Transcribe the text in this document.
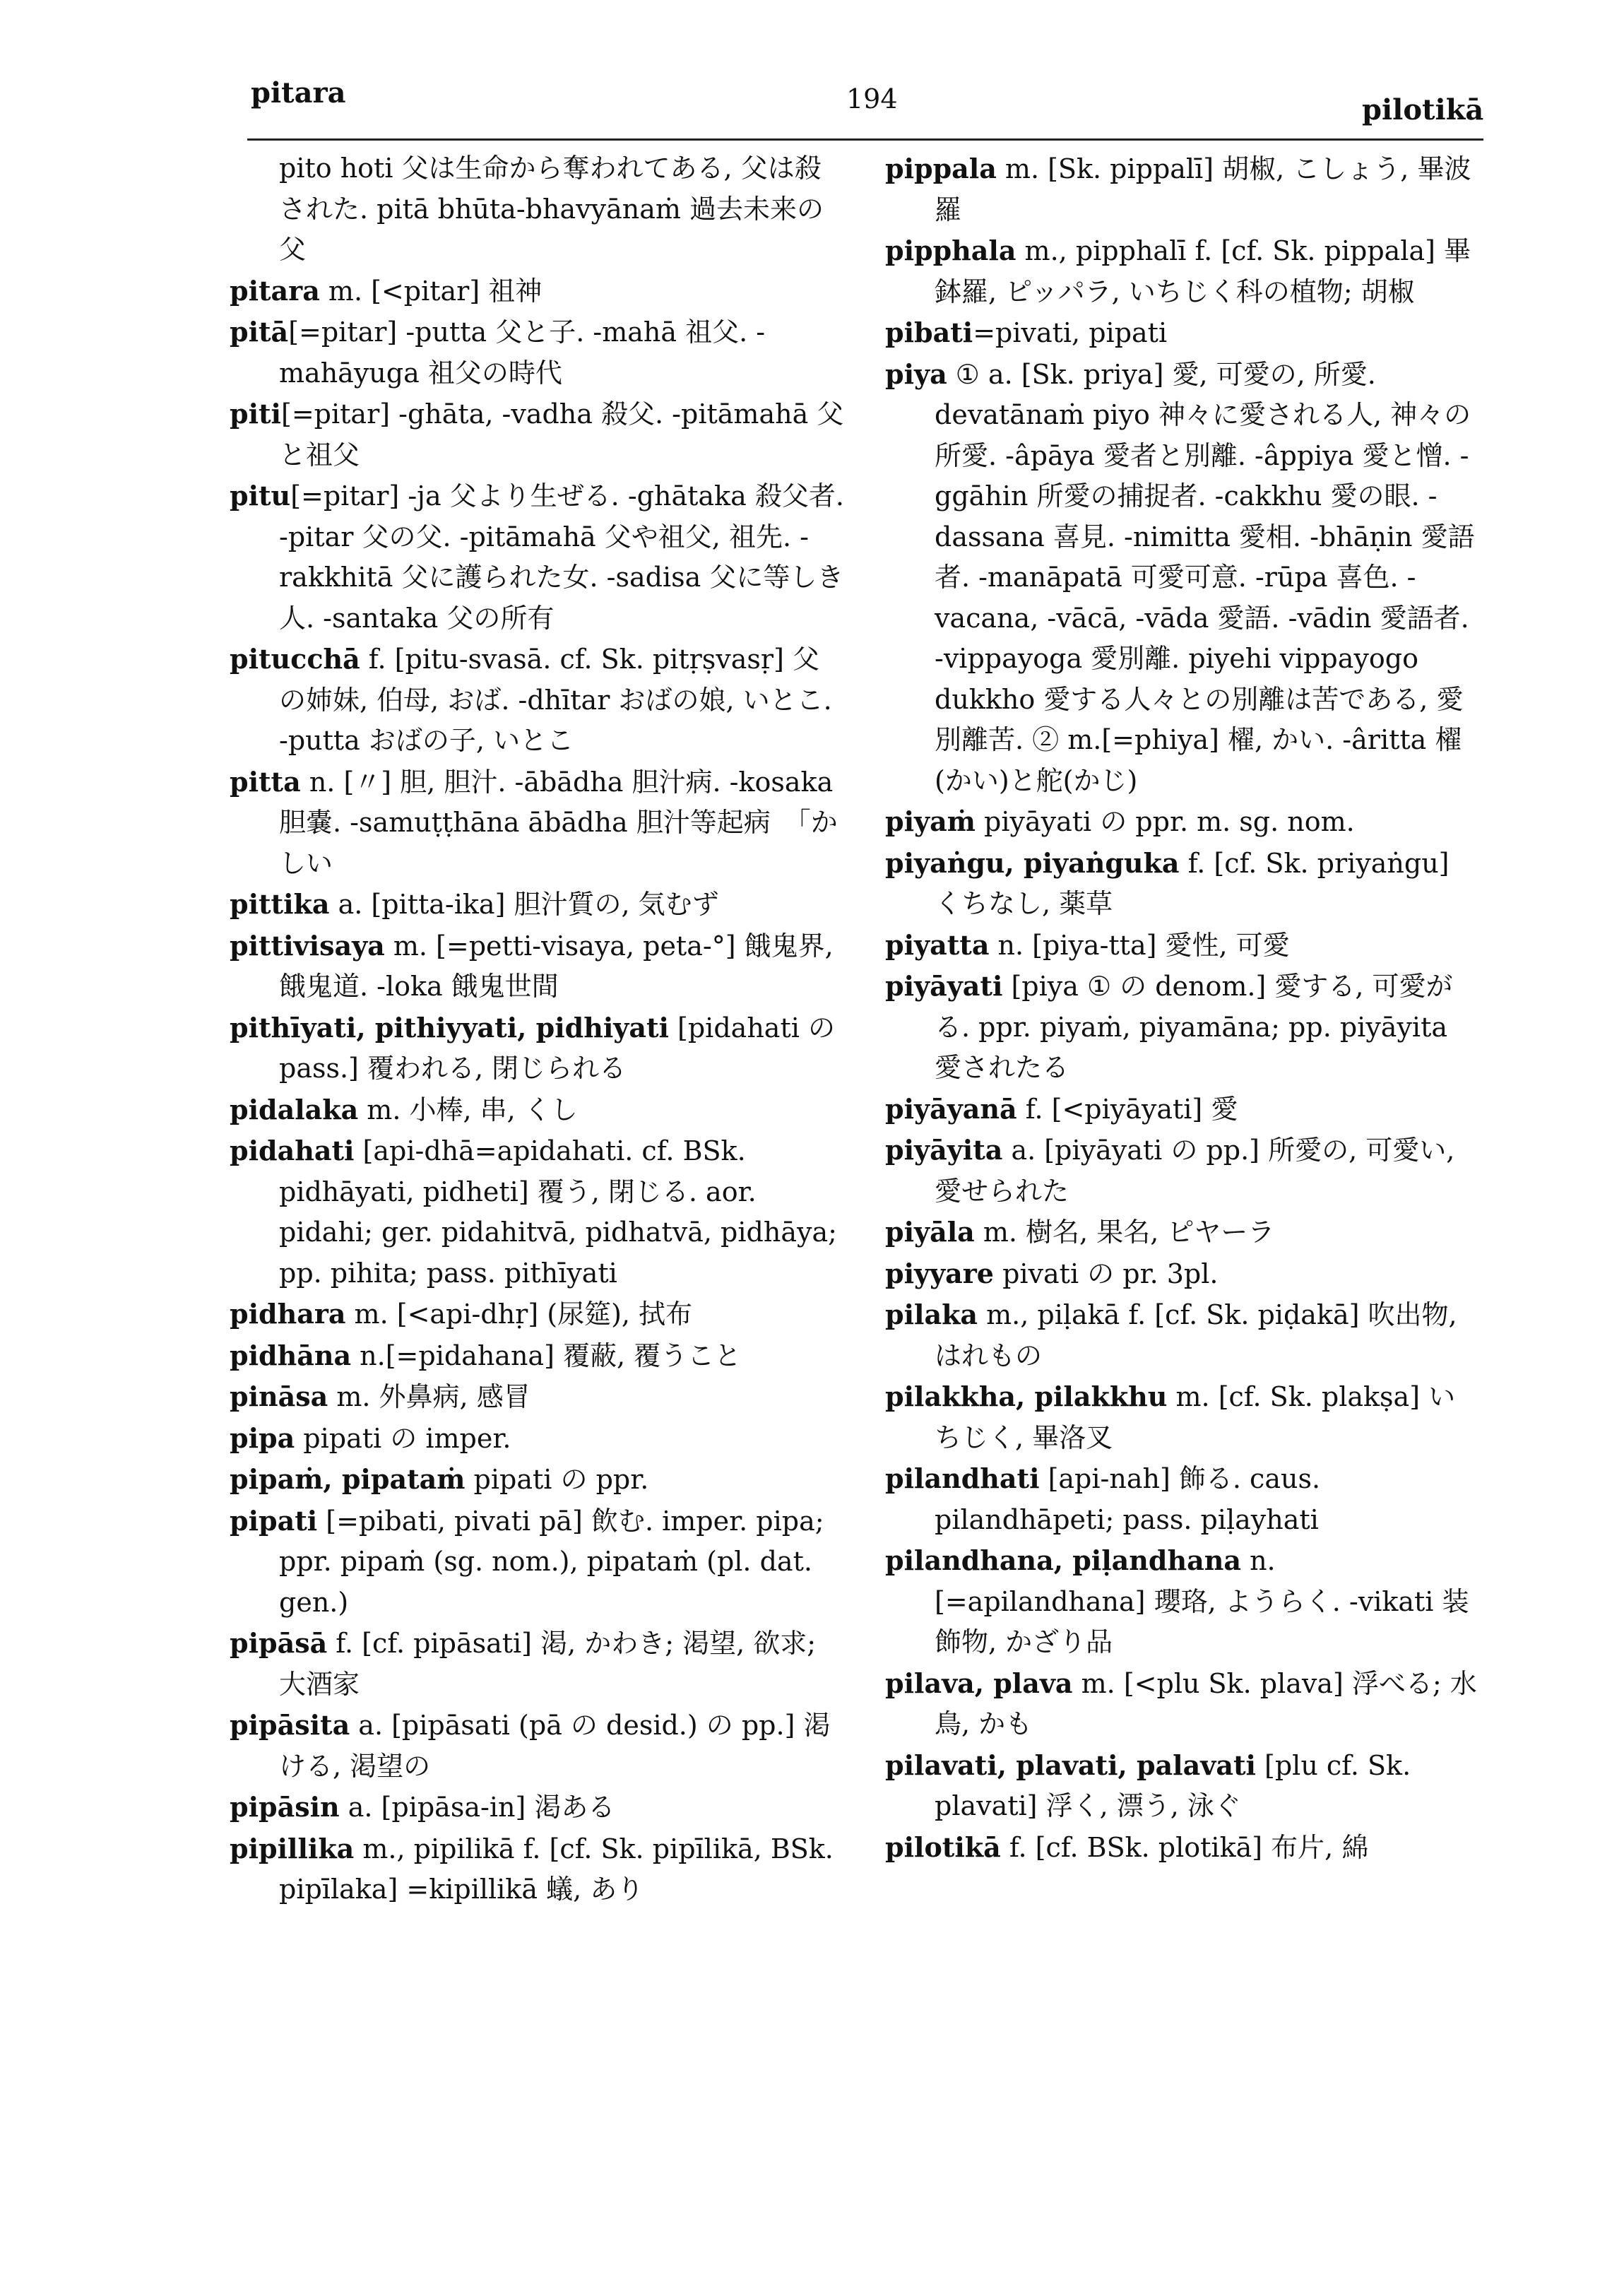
pitara	194	pilotikā

pito hoti 父は生命から奪われてある, 父は殺された. pitā bhūta-bhavyānaṁ 過去未来の父

pitara m. [<pitar] 祖神

pitā[=pitar] -putta 父と子. -mahā 祖父. -mahāyuga 祖父の時代

piti[=pitar] -ghāta, -vadha 殺父. -pitāmahā 父と祖父

pitu[=pitar] -ja 父より生ぜる. -ghātaka 殺父者. -pitar 父の父. -pitāmahā 父や祖父, 祖先. -rakkhitā 父に護られた女. -sadisa 父に等しき人. -santaka 父の所有

pitucchā f. [pitu-svasā. cf. Sk. pitṛṣvasṛ] 父の姉妹, 伯母, おば. -dhītar おばの娘, いとこ. -putta おばの子, いとこ

pitta n. [〃] 胆, 胆汁. -ābādha 胆汁病. -kosaka 胆嚢. -samuṭṭhāna ābādha 胆汁等起病　「かしい

pittika a. [pitta-ika] 胆汁質の, 気むず

pittivisaya m. [=petti-visaya, peta-°] 餓鬼界, 餓鬼道. -loka 餓鬼世間

pithīyati, pithiyyati, pidhiyati [pidahati の pass.] 覆われる, 閉じられる

pidalaka m. 小棒, 串, くし

pidahati [api-dhā=apidahati. cf. BSk. pidhāyati, pidheti] 覆う, 閉じる. aor. pidahi; ger. pidahitvā, pidhatvā, pidhāya; pp. pihita; pass. pithīyati

pidhara m. [<api-dhṛ] (尿筵), 拭布

pidhāna n.[=pidahana] 覆蔽, 覆うこと

pināsa m. 外鼻病, 感冒

pipa pipati の imper.

pipaṁ, pipataṁ pipati の ppr.

pipati [=pibati, pivati pā] 飲む. imper. pipa; ppr. pipaṁ (sg. nom.), pipataṁ (pl. dat. gen.)

pipāsā f. [cf. pipāsati] 渇, かわき; 渇望, 欲求; 大酒家

pipāsita a. [pipāsati (pā の desid.) の pp.] 渇ける, 渇望の

pipāsin a. [pipāsa-in] 渇ある

pipillika m., pipilikā f. [cf. Sk. pipīlikā, BSk. pipīlaka] =kipillikā 蟻, あり

pippala m. [Sk. pippalī] 胡椒, こしょう, 畢波羅

pipphala m., pipphalī f. [cf. Sk. pippala] 畢鉢羅, ピッパラ, いちじく科の植物; 胡椒

pibati=pivati, pipati

piya ① a. [Sk. priya] 愛, 可愛の, 所愛. devatānaṁ piyo 神々に愛される人, 神々の所愛. -âpāya 愛者と別離. -âppiya 愛と憎. -ggāhin 所愛の捕捉者. -cakkhu 愛の眼. -dassana 喜見. -nimitta 愛相. -bhāṇin 愛語者. -manāpatā 可愛可意. -rūpa 喜色. -vacana, -vācā, -vāda 愛語. -vādin 愛語者. -vippayoga 愛別離. piyehi vippayogo dukkho 愛する人々との別離は苦である, 愛別離苦. ② m.[=phiya] 櫂, かい. -âritta 櫂(かい)と舵(かじ)

piyaṁ piyāyati の ppr. m. sg. nom.

piyaṅgu, piyaṅguka f. [cf. Sk. priyaṅgu] くちなし, 薬草

piyatta n. [piya-tta] 愛性, 可愛

piyāyati [piya ① の denom.] 愛する, 可愛がる. ppr. piyaṁ, piyamāna; pp. piyāyita 愛されたる

piyāyanā f. [<piyāyati] 愛

piyāyita a. [piyāyati の pp.] 所愛の, 可愛い, 愛せられた

piyāla m. 樹名, 果名, ピヤーラ

piyyare pivati の pr. 3pl.

pilaka m., piḷakā f. [cf. Sk. piḍakā] 吹出物, はれもの

pilakkha, pilakkhu m. [cf. Sk. plakṣa] いちじく, 畢洛叉

pilandhati [api-nah] 飾る. caus. pilandhāpeti; pass. piḷayhati

pilandhana, piḷandhana n. [=apilandhana] 瓔珞, ようらく. -vikati 装飾物, かざり品

pilava, plava m. [<plu Sk. plava] 浮べる; 水鳥, かも

pilavati, plavati, palavati [plu cf. Sk. plavati] 浮く, 漂う, 泳ぐ

pilotikā f. [cf. BSk. plotikā] 布片, 綿
